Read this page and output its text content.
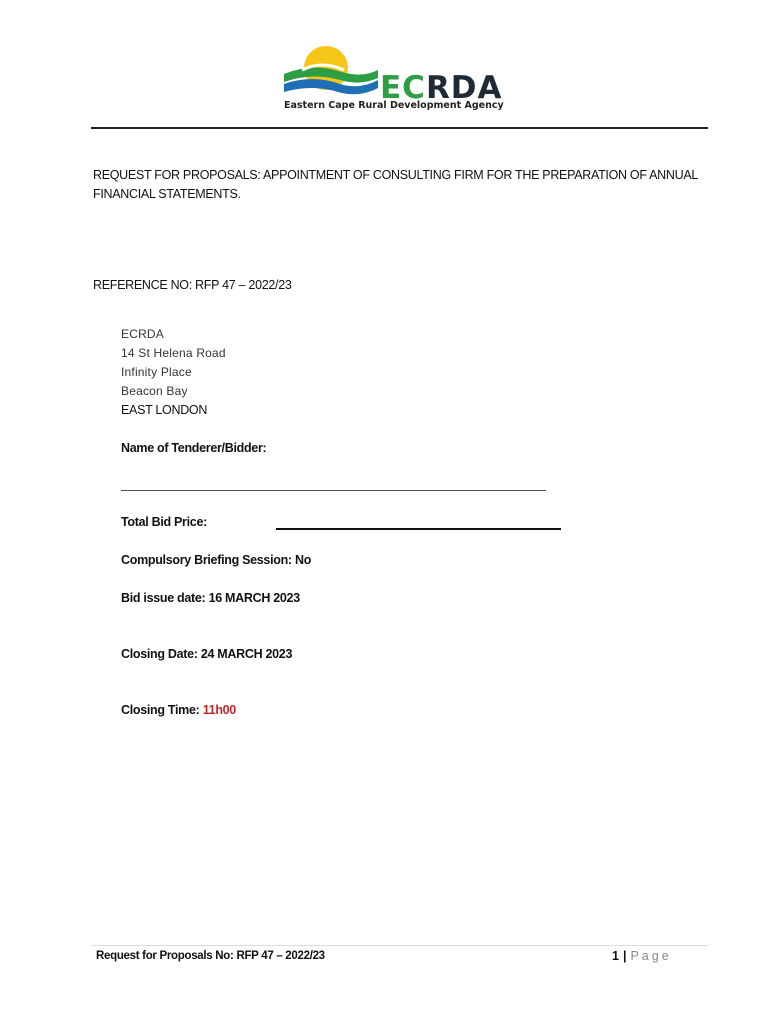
ECRDA
Eastern Cape Rural Development Agency
REQUEST FOR PROPOSALS: APPOINTMENT OF CONSULTING FIRM FOR THE PREPARATION OF ANNUAL FINANCIAL STATEMENTS.
REFERENCE NO: RFP 47 – 2022/23
ECRDA
14 St Helena Road
Infinity Place
Beacon Bay
EAST LONDON
Name of Tenderer/Bidder:
Total Bid Price:
Compulsory Briefing Session: No
Bid issue date: 16 MARCH 2023
Closing Date: 24 MARCH 2023
Closing Time: 11h00
Request for Proposals No: RFP 47 – 2022/23	1 | Page
